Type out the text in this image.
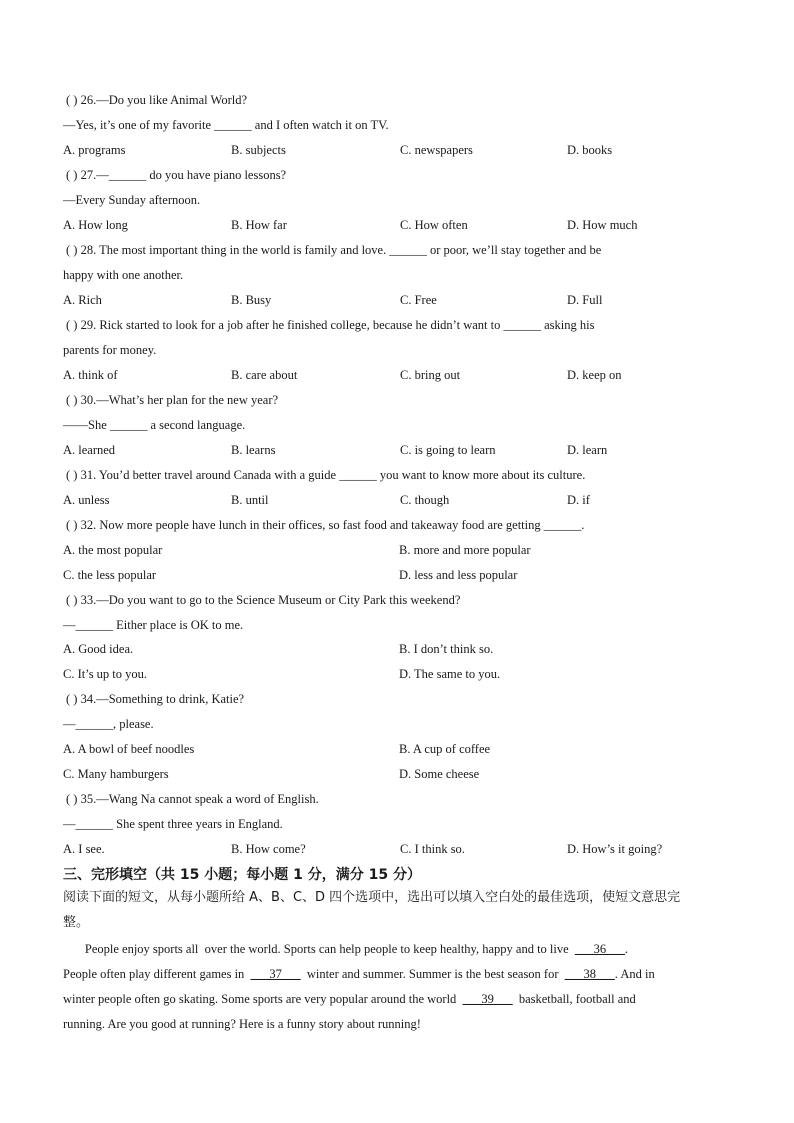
( ) 26.—Do you like Animal World?
—Yes, it’s one of my favorite ______ and I often watch it on TV.
A. programs	B. subjects	C. newspapers	D. books
( ) 27.—______ do you have piano lessons?
—Every Sunday afternoon.
A. How long	B. How far	C. How often	D. How much
( ) 28. The most important thing in the world is family and love. ______ or poor, we’ll stay together and be
happy with one another.
A. Rich	B. Busy	C. Free	D. Full
( ) 29. Rick started to look for a job after he finished college, because he didn’t want to ______ asking his
parents for money.
A. think of	B. care about	C. bring out	D. keep on
( ) 30.—What’s her plan for the new year?
——She ______ a second language.
A. learned	B. learns	C. is going to learn	D. learn
( ) 31. You’d better travel around Canada with a guide ______ you want to know more about its culture.
A. unless	B. until	C. though	D. if
( ) 32. Now more people have lunch in their offices, so fast food and takeaway food are getting ______.
A. the most popular	B. more and more popular
C. the less popular	D. less and less popular
( ) 33.—Do you want to go to the Science Museum or City Park this weekend?
—______ Either place is OK to me.
A. Good idea.	B. I don’t think so.
C. It’s up to you.	D. The same to you.
( ) 34.—Something to drink, Katie?
—______, please.
A. A bowl of beef noodles	B. A cup of coffee
C. Many hamburgers	D. Some cheese
( ) 35.—Wang Na cannot speak a word of English.
—______ She spent three years in England.
A. I see.	B. How come?	C. I think so.	D. How’s it going?
三、完形填空（共 15 小题；每小题 1 分，满分 15 分）
阅读下面的短文，从每小题所给 A、B、C、D 四个选项中，选出可以填入空白处的最佳选项，使短文意思完
整。
People enjoy sports all  over the world. Sports can help people to keep healthy, happy and to live  ___36___.
People often play different games in  ___37___  winter and summer. Summer is the best season for  ___38___. And in
winter people often go skating. Some sports are very popular around the world  ___39___  basketball, football and
running. Are you good at running? Here is a funny story about running!
